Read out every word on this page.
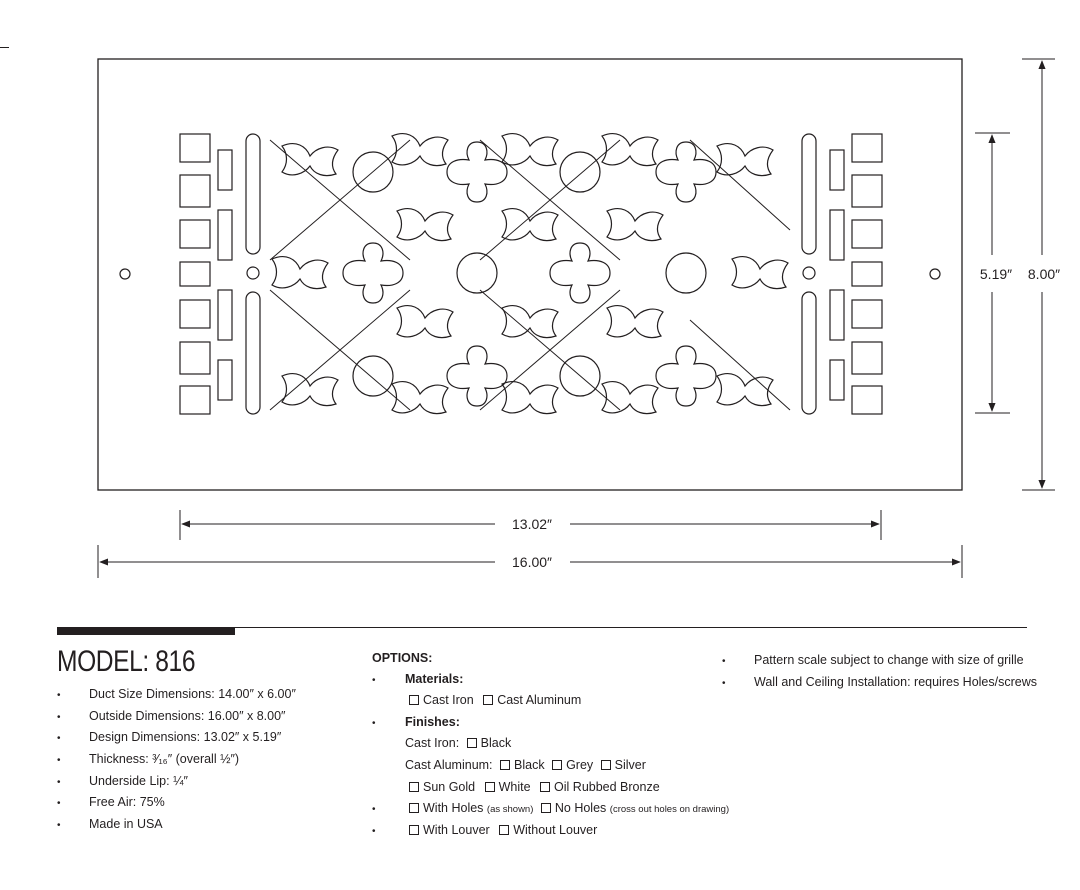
13.02″
16.00″
5.19″ 8.00″
MODEL: 816
• Duct Size Dimensions: 14.00″ x 6.00″
• Outside Dimensions: 16.00″ x 8.00″
• Design Dimensions: 13.02″ x 5.19″
• Thickness: ³⁄₁₆″ (overall ½″)
• Underside Lip: ¼″
• Free Air: 75%
• Made in USA
OPTIONS:
• Materials:
Cast Iron Cast Aluminum
• Finishes:
Cast Iron: Black
Cast Aluminum: Black Grey Silver
Sun Gold White Oil Rubbed Bronze
•	With Holes (as shown) No Holes (cross out holes on drawing)
•	With Louver Without Louver
• Pattern scale subject to change with size of grille
• Wall and Ceiling Installation: requires Holes/screws
